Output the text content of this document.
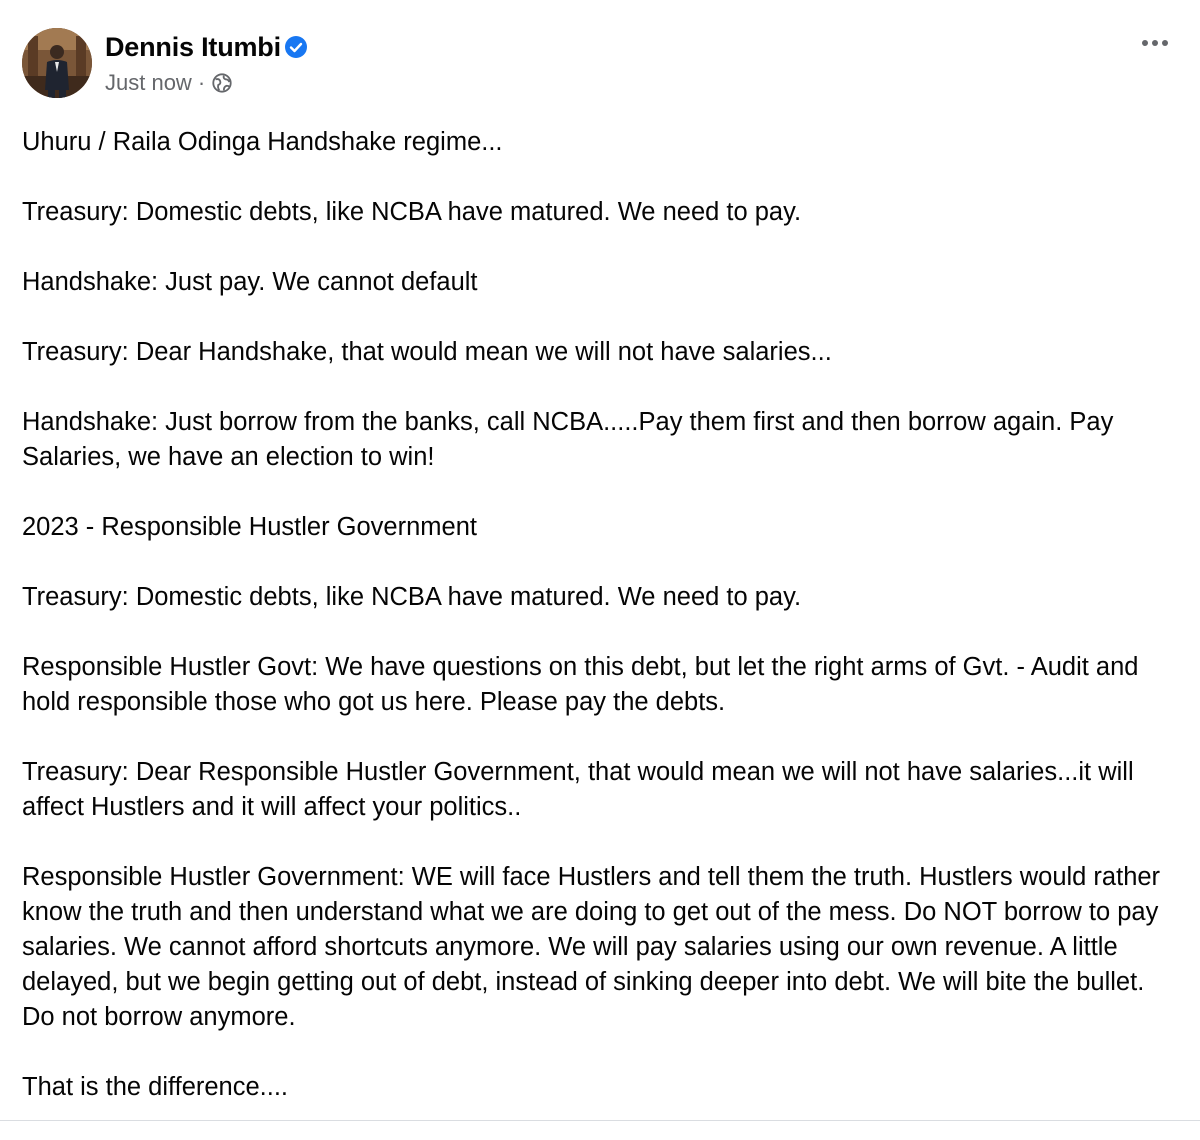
Dennis Itumbi
Just now ·

Uhuru / Raila Odinga Handshake regime...

Treasury: Domestic debts, like NCBA have matured. We need to pay.

Handshake: Just pay. We cannot default

Treasury: Dear Handshake, that would mean we will not have salaries...

Handshake: Just borrow from the banks, call NCBA.....Pay them first and then borrow again. Pay Salaries, we have an election to win!

2023 - Responsible Hustler Government

Treasury: Domestic debts, like NCBA have matured. We need to pay.

Responsible Hustler Govt: We have questions on this debt, but let the right arms of Gvt. - Audit and hold responsible those who got us here. Please pay the debts.

Treasury: Dear Responsible Hustler Government, that would mean we will not have salaries...it will affect Hustlers and it will affect your politics..

Responsible Hustler Government: WE will face Hustlers and tell them the truth. Hustlers would rather know the truth and then understand what we are doing to get out of the mess. Do NOT borrow to pay salaries. We cannot afford shortcuts anymore. We will pay salaries using our own revenue. A little delayed, but we begin getting out of debt, instead of sinking deeper into debt. We will bite the bullet. Do not borrow anymore.

That is the difference....
